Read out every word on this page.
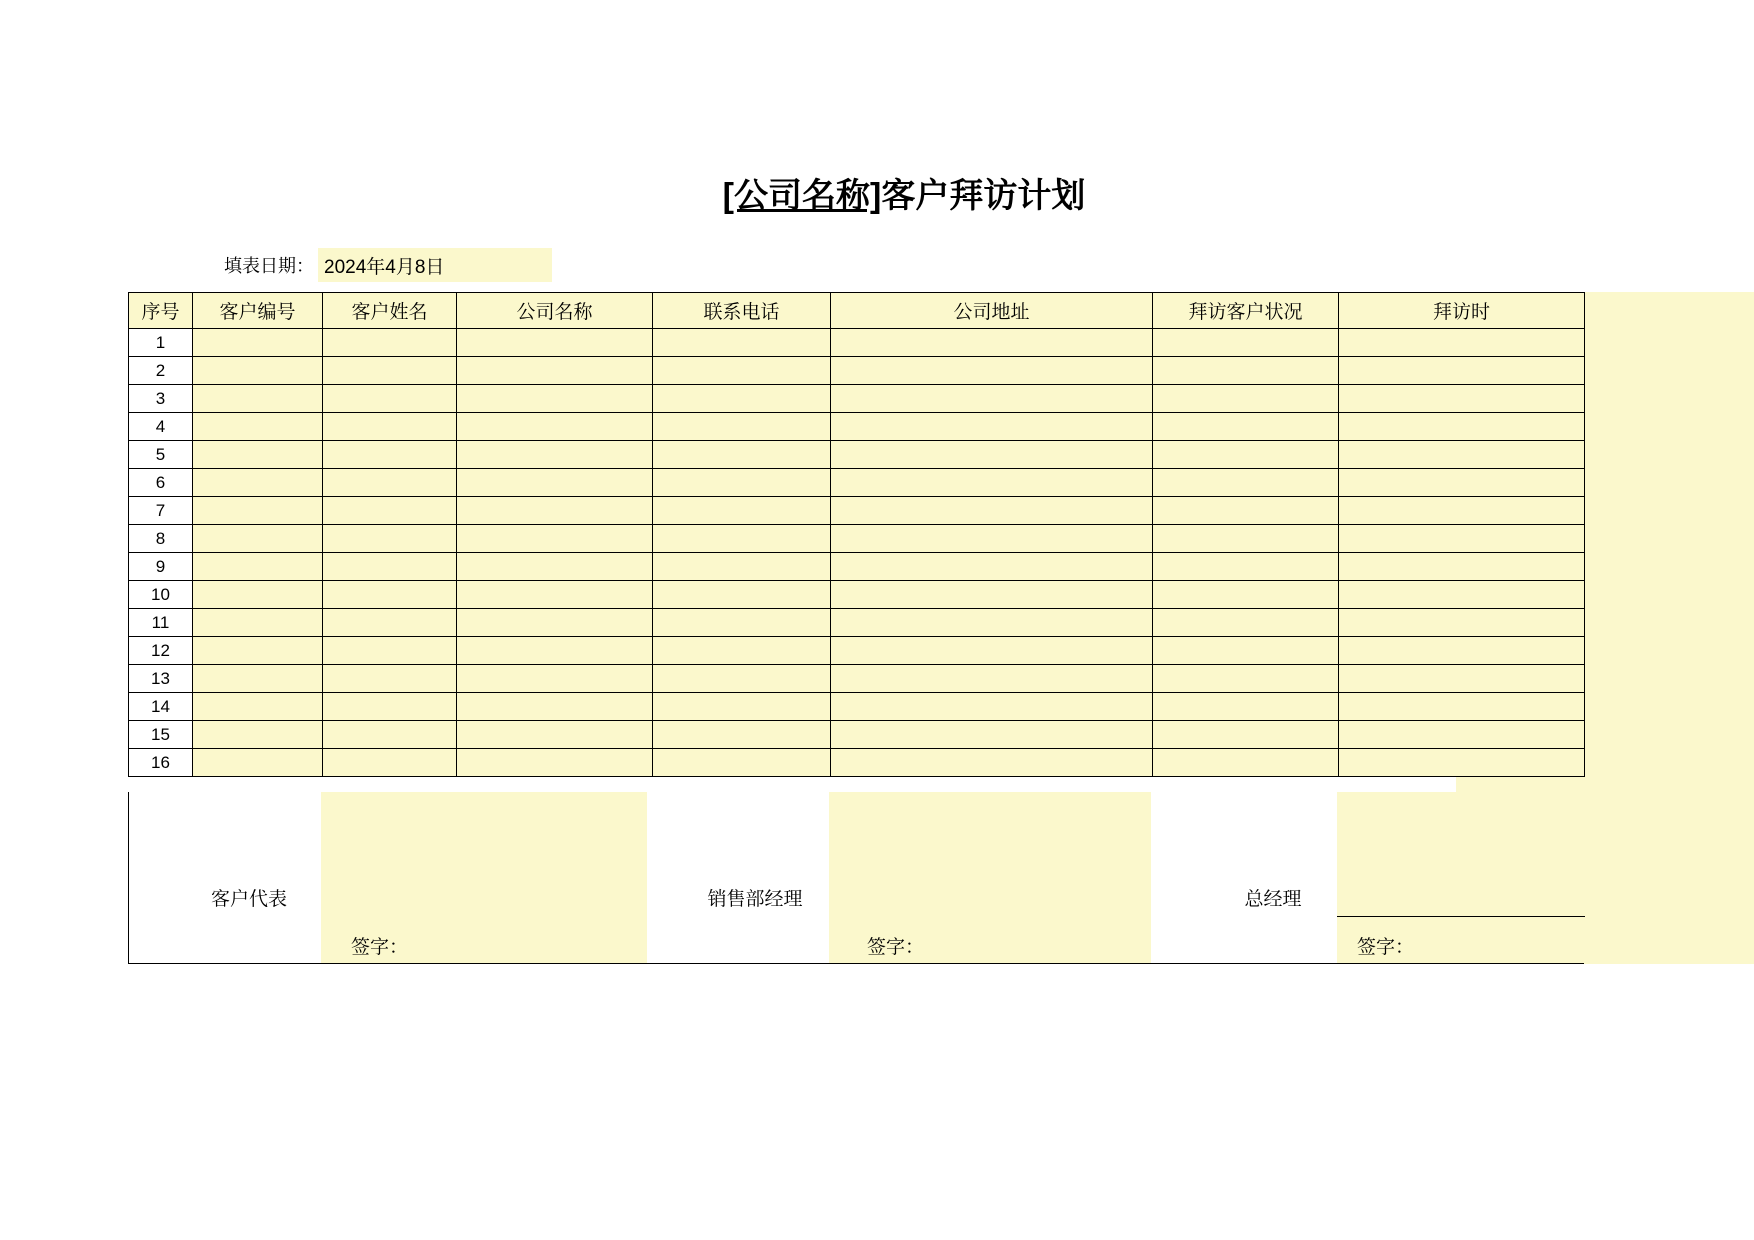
[公司名称]客户拜访计划
填表日期： 2024年4月8日
序号	客户编号	客户姓名	公司名称	联系电话	公司地址	拜访客户状况	拜访时
1							
2							
3							
4							
5							
6							
7							
8							
9							
10							
11							
12							
13							
14							
15							
16							
客户代表	销售部经理	总经理
签字：	签字：	签字：
